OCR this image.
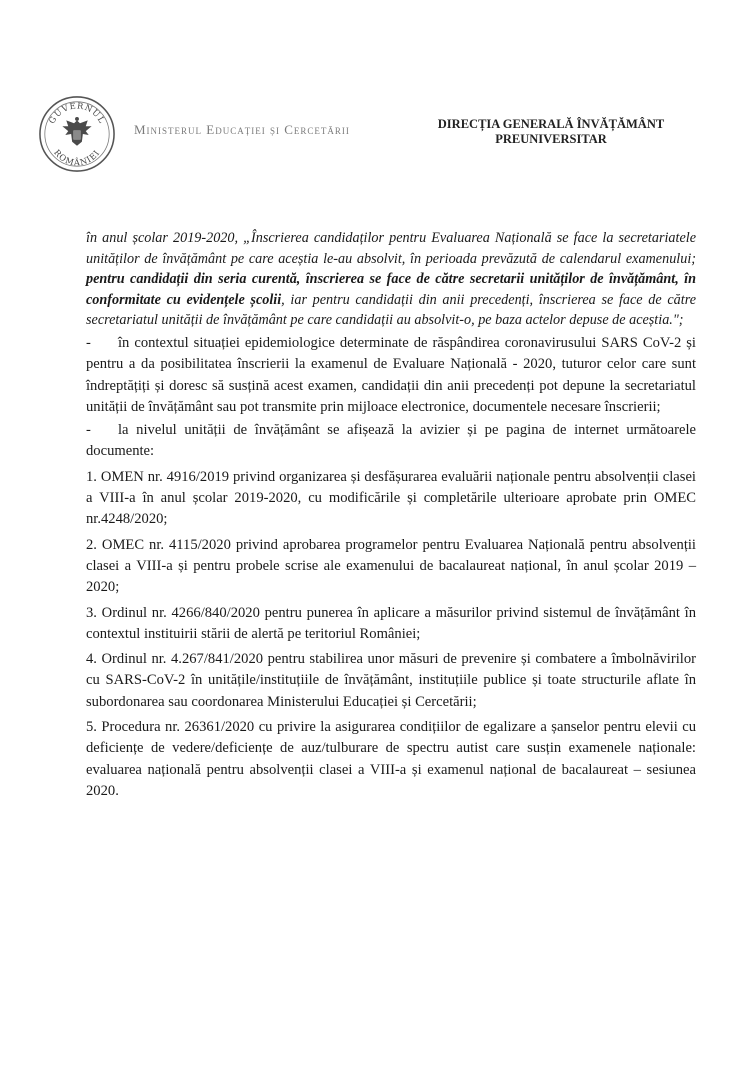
GUVERNUL
ROMÂNIEI
Ministerul Educației și Cercetării	DIRECȚIA GENERALĂ ÎNVĂȚĂMÂNT
PREUNIVERSITAR

în anul școlar 2019-2020, „Înscrierea candidaților pentru Evaluarea Națională se face la secretariatele unităților de învățământ pe care aceștia le-au absolvit, în perioada prevăzută de calendarul examenului; pentru candidații din seria curentă, înscrierea se face de către secretarii unităților de învățământ, în conformitate cu evidențele școlii, iar pentru candidații din anii precedenți, înscrierea se face de către secretariatul unității de învățământ pe care candidații au absolvit-o, pe baza actelor depuse de aceștia.";

- în contextul situației epidemiologice determinate de răspândirea coronavirusului SARS CoV-2 și pentru a da posibilitatea înscrierii la examenul de Evaluare Națională - 2020, tuturor celor care sunt îndreptățiți și doresc să susțină acest examen, candidații din anii precedenți pot depune la secretariatul unității de învățământ sau pot transmite prin mijloace electronice, documentele necesare înscrierii;

- la nivelul unității de învățământ se afișează la avizier și pe pagina de internet următoarele documente:

1. OMEN nr. 4916/2019 privind organizarea și desfășurarea evaluării naționale pentru absolvenții clasei a VIII-a în anul școlar 2019-2020, cu modificările și completările ulterioare aprobate prin OMEC nr.4248/2020;

2. OMEC nr. 4115/2020 privind aprobarea programelor pentru Evaluarea Națională pentru absolvenții clasei a VIII-a și pentru probele scrise ale examenului de bacalaureat național, în anul școlar 2019 – 2020;

3. Ordinul nr. 4266/840/2020 pentru punerea în aplicare a măsurilor privind sistemul de învățământ în contextul instituirii stării de alertă pe teritoriul României;

4. Ordinul nr. 4.267/841/2020 pentru stabilirea unor măsuri de prevenire și combatere a îmbolnăvirilor cu SARS-CoV-2 în unitățile/instituțiile de învățământ, instituțiile publice și toate structurile aflate în subordonarea sau coordonarea Ministerului Educației și Cercetării;

5. Procedura nr. 26361/2020 cu privire la asigurarea condițiilor de egalizare a șanselor pentru elevii cu deficiențe de vedere/deficiențe de auz/tulburare de spectru autist care susțin examenele naționale: evaluarea națională pentru absolvenții clasei a VIII-a și examenul național de bacalaureat – sesiunea 2020.
